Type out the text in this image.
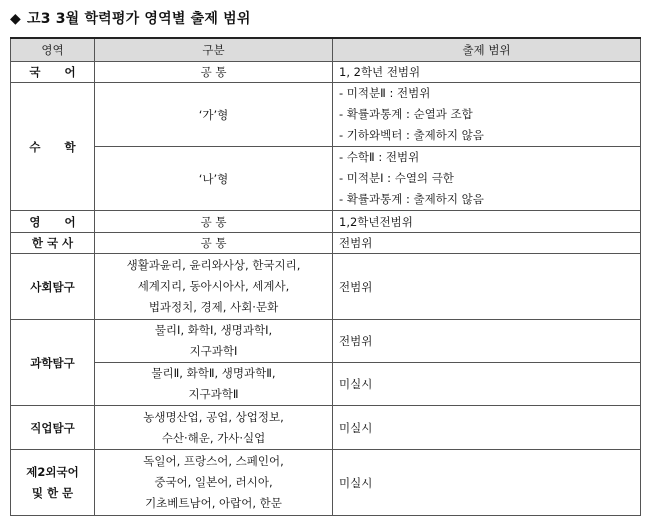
◆ 고3 3월 학력평가 영역별 출제 범위
영역	구분	출제 범위
국      어	공 통	1, 2학년 전범위
수      학	‘가’형	- 미적분Ⅱ : 전범위
- 확률과통계 : 순열과 조합
- 기하와벡터 : 출제하지 않음

	‘나’형	- 수학Ⅱ : 전범위
- 미적분Ⅰ : 수열의 극한
- 확률과통계 : 출제하지 않음

영      어	공 통	1,2학년전범위
한 국 사	공 통	전범위
사회탐구	생활과윤리, 윤리와사상, 한국지리,
세계지리, 동아시아사, 세계사,
법과정치, 경제, 사회·문화	전범위
과학탐구	물리Ⅰ, 화학Ⅰ, 생명과학Ⅰ,
지구과학Ⅰ	전범위

	물리Ⅱ, 화학Ⅱ, 생명과학Ⅱ,
지구과학Ⅱ	미실시
직업탐구	농생명산업, 공업, 상업정보,
수산·해운, 가사·실업	미실시

제2외국어
및 한 문	독일어, 프랑스어, 스페인어,
중국어, 일본어, 러시아,
기초베트남어, 아랍어, 한문	미실시
